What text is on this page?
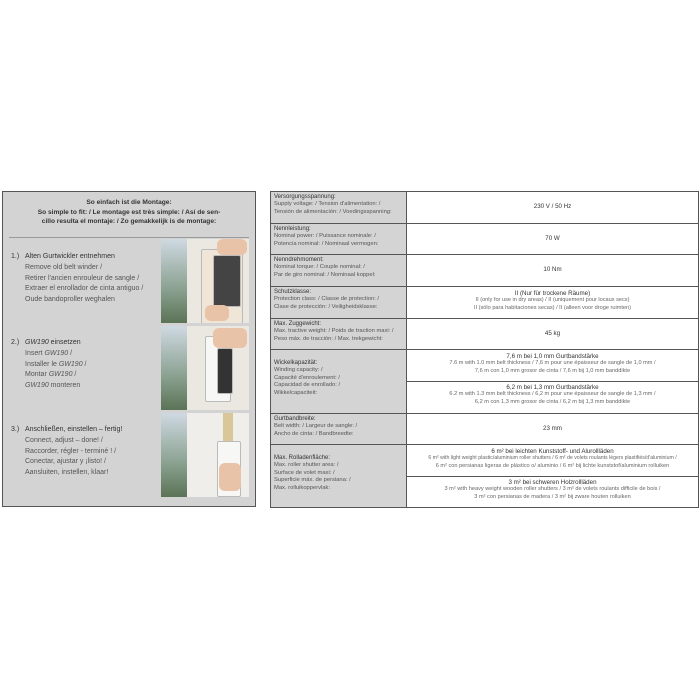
So einfach ist die Montage:
So simple to fit: / Le montage est très simple: / Así de sen-
cillo resulta el montaje: / Zo gemakkelijk is de montage:
1.) Alten Gurtwickler entnehmen
Remove old belt winder /
Retirer l'ancien enrouleur de sangle /
Extraer el enrollador de cinta antiguo /
Oude bandoproller weghalen
2.) GW190 einsetzen
Insert GW190 /
Installer le GW190 /
Montar GW190 /
GW190 monteren
3.) Anschließen, einstellen – fertig!
Connect, adjust – done! /
Raccorder, régler - terminé ! /
Conectar, ajustar y ¡listo! /
Aansluiten, instellen, klaar!
Versorgungsspannung:
Supply voltage: / Tension d'alimentation: /
Tensión de alimentación: / Voedingsspanning:
230 V / 50 Hz
Nennleistung:
Nominal power: / Puissance nominale: /
Potencia nominal: / Nominaal vermogen:
70 W
Nenndrehmoment:
Nominal torque: / Couple nominal: /
Par de giro nominal: / Nominaal koppel:
10 Nm
Schutzklasse:
Protection class: / Classe de protection: /
Clase de protección: / Veiligheidsklasse:
II (Nur für trockene Räume)
II (only for use in dry areas) / II (uniquement pour locaux secs)
II (sólo para habitaciones secas) / II (alleen voor droge ruimten)
Max. Zuggewicht:
Max. tractive weight: / Poids de traction maxi: /
Peso máx. de tracción: / Max. trekgewicht:
45 kg
Wickelkapazität:
Winding capacity: /
Capacité d'enroulement: /
Capacidad de enrollado: /
Wikkelcapaciteit:
7,6 m bei 1,0 mm Gurtbandstärke
7.6 m with 1.0 mm belt thickness / 7,6 m pour une épaisseur de sangle de 1,0 mm /
7,6 m con 1,0 mm grosor de cinta / 7,6 m bij 1,0 mm banddikte
6,2 m bei 1,3 mm Gurtbandstärke
6.2 m with 1.3 mm belt thickness / 6,2 m pour une épaisseur de sangle de 1,3 mm /
6,2 m con 1,3 mm grosor de cinta / 6,2 m bij 1,3 mm banddikte
Gurtbandbreite:
Belt width: / Largeur de sangle: /
Ancho de cinta: / Bandbreedte:
23 mm
Max. Rolladenfläche:
Max. roller shutter area: /
Surface de volet maxi: /
Superficie máx. de persiana: /
Max. rolluikoppervlak:
6 m² bei leichten Kunststoff- und Alurollläden
6 m² with light weight plastic/aluminium roller shutters / 6 m² de volets roulants légers plastifiés/d'aluminium /
6 m² con persianas ligeras de plástico o/ aluminio / 6 m² bij lichte kunststof/aluminium rolluiken
3 m² bei schweren Holzrollläden
3 m² with heavy weight wooden roller shutters / 3 m² de volets roulants difficile de bois /
3 m² con persianas de madera / 3 m² bij zware houten rolluiken
